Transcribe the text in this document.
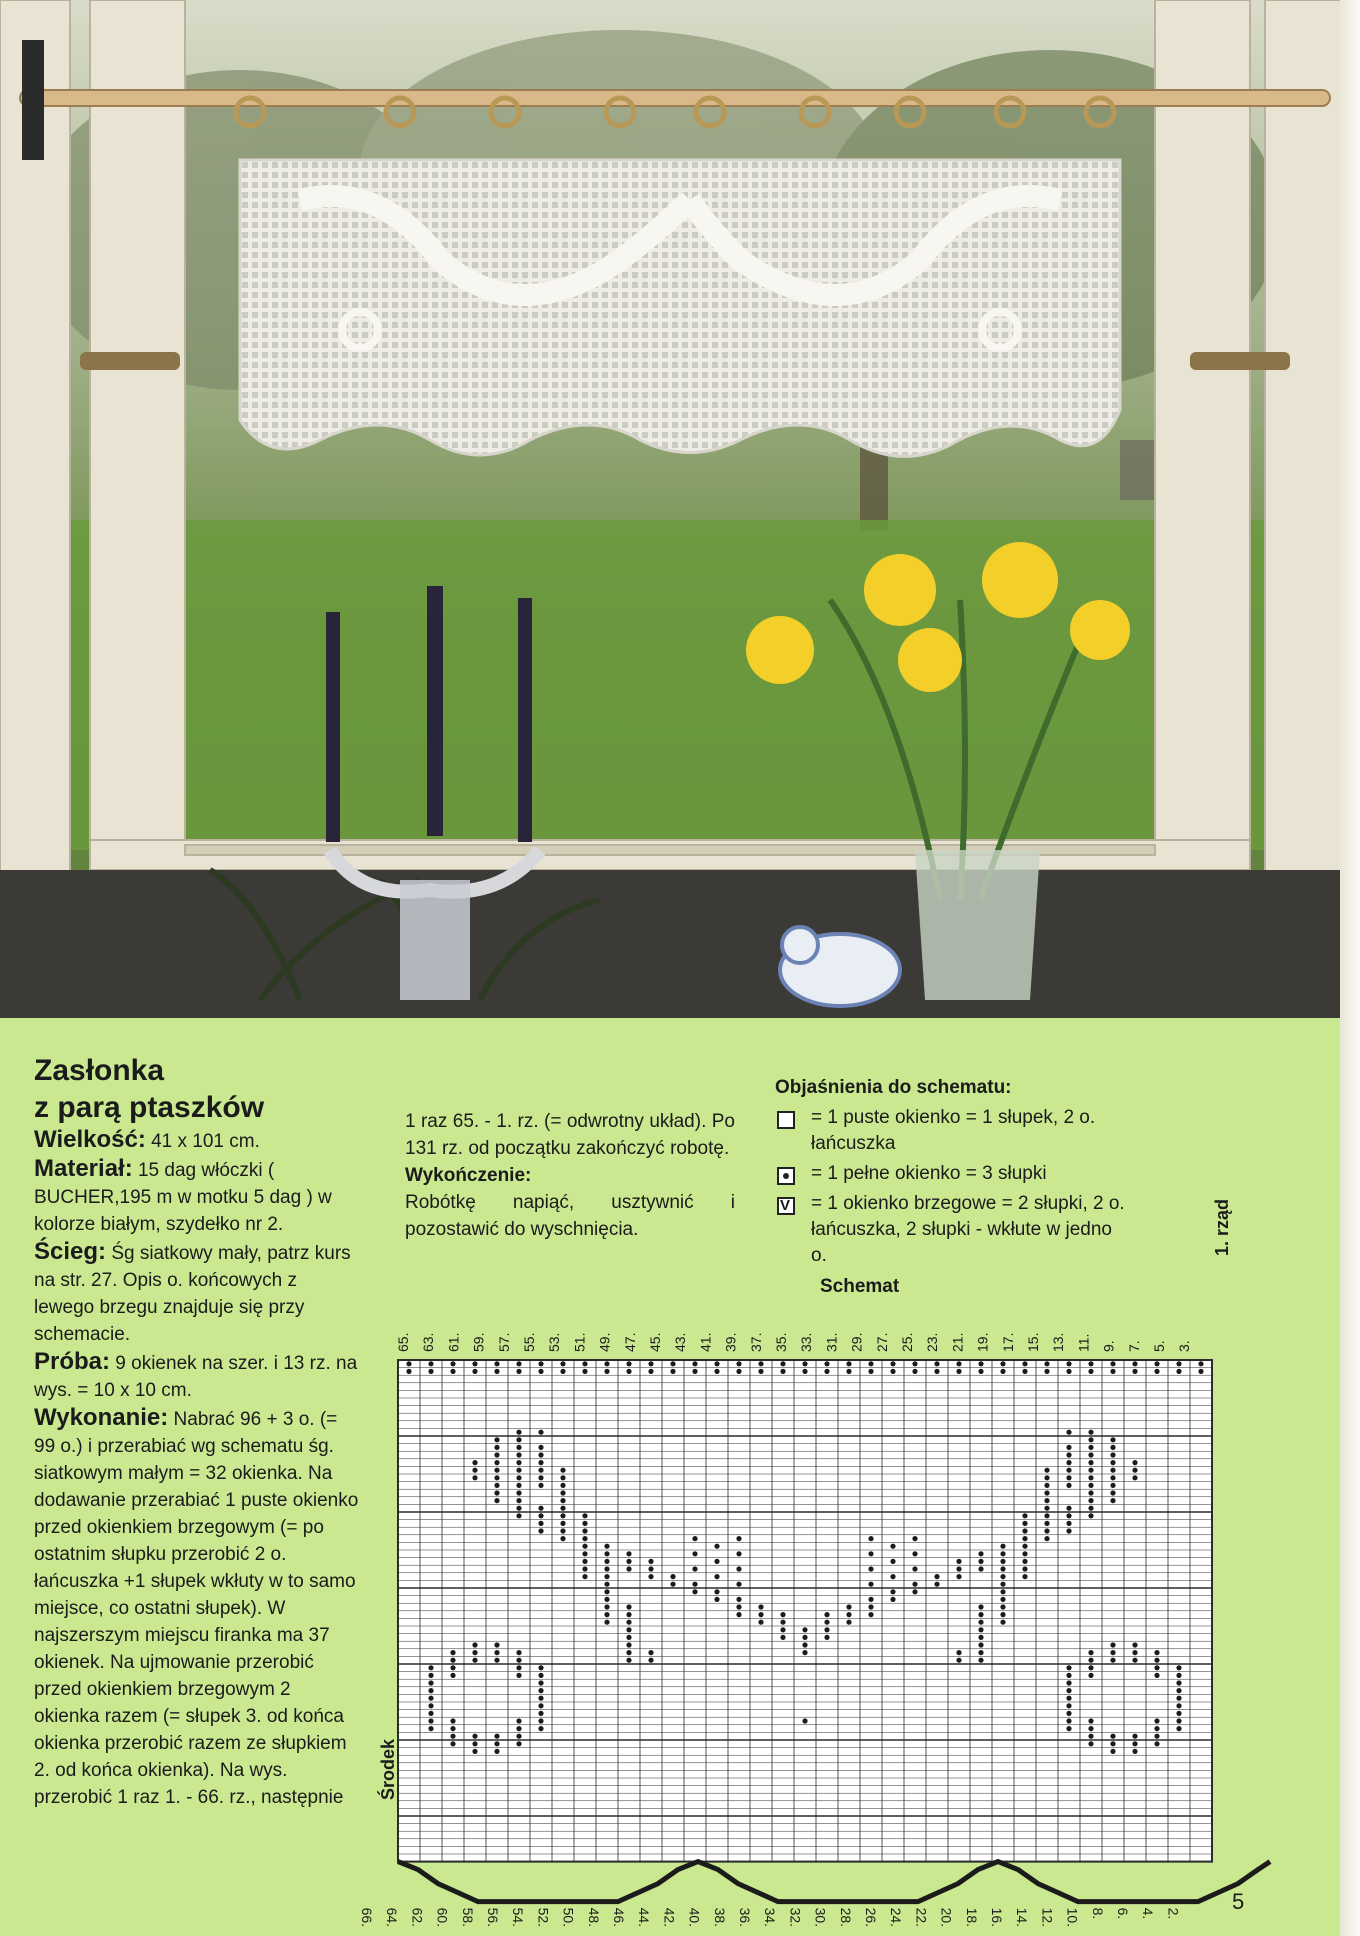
Zasłonka
z parą ptaszków

Wielkość: 41 x 101 cm.

Materiał: 15 dag włóczki ( BUCHER,195 m w motku 5 dag ) w kolorze białym, szydełko nr 2.

Ścieg: Śg siatkowy mały, patrz kurs na str. 27. Opis o. końcowych z lewego brzegu znajduje się przy schemacie.

Próba: 9 okienek na szer. i 13 rz. na wys. = 10 x 10 cm.

Wykonanie: Nabrać 96 + 3 o. (= 99 o.) i przerabiać wg schematu śg. siatkowym małym = 32 okienka. Na dodawanie przerabiać 1 puste okienko przed okienkiem brzegowym (= po ostatnim słupku przerobić 2 o. łańcuszka +1 słupek wkłuty w to samo miejsce, co ostatni słupek). W najszerszym miejscu firanka ma 37 okienek. Na ujmowanie przerobić przed okienkiem brzegowym 2 okienka razem (= słupek 3. od końca okienka przerobić razem ze słupkiem 2. od końca okienka). Na wys. przerobić 1 raz 1. - 66. rz., następnie

1 raz 65. - 1. rz. (= odwrotny układ). Po 131 rz. od początku zakończyć robotę.

Wykończenie:

Robótkę napiąć, usztywnić i pozostawić do wyschnięcia.

Objaśnienia do schematu:
= 1 puste okienko = 1 słupek, 2 o. łańcuszka
= 1 pełne okienko = 3 słupki
V
= 1 okienko brzegowe = 2 słupki, 2 o. łańcuszka, 2 słupki - wkłute w jedno o.
Schemat
1. rząd
Środek
65. 63. 61. 59. 57. 55. 53. 51. 49. 47. 45. 43. 41. 39. 37. 35. 33. 31. 29. 27. 25. 23. 21. 19. 17. 15. 13. 11. 9. 7. 5. 3.
66. 64. 62. 60. 58. 56. 54. 52. 50. 48. 46. 44. 42. 40. 38. 36. 34. 32. 30. 28. 26. 24. 22. 20. 18. 16. 14. 12. 10. 8. 6. 4. 2. 5
